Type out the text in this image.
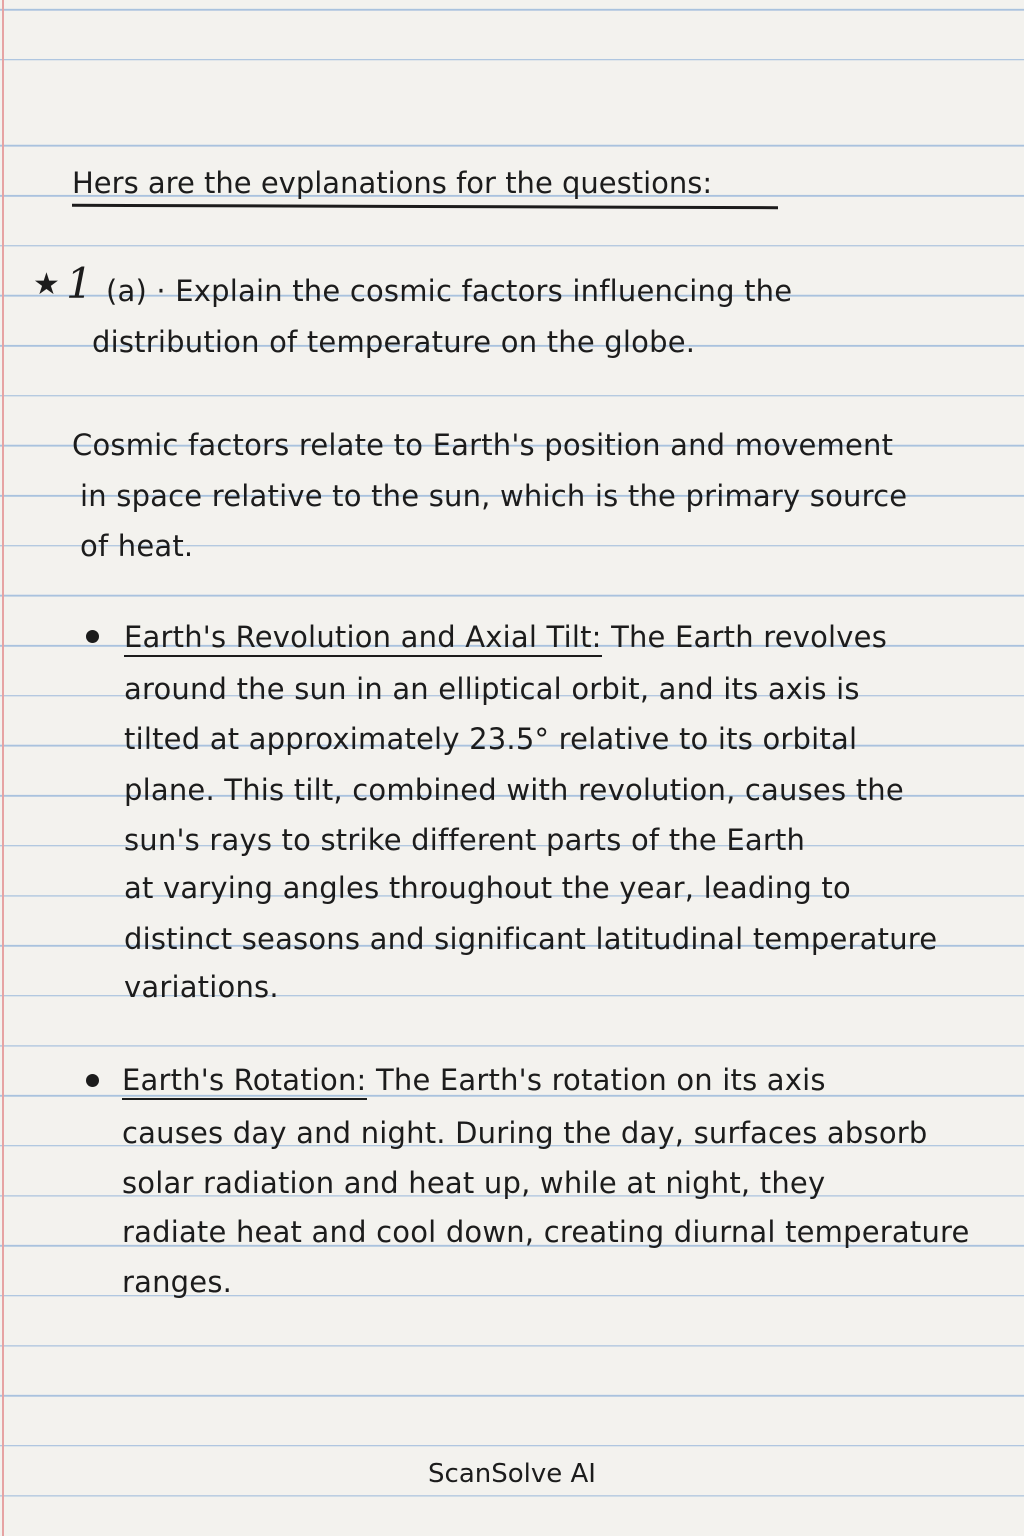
Hers are the evplanations for the questions:
★ 1 (a) · Explain the cosmic factors influencing the
distribution of temperature on the globe.
Cosmic factors relate to Earth's position and movement
in space relative to the sun, which is the primary source
of heat.
Earth's Revolution and Axial Tilt: The Earth revolves
around the sun in an elliptical orbit, and its axis is
tilted at approximately 23.5° relative to its orbital
plane. This tilt, combined with revolution, causes the
sun's rays to strike different parts of the Earth
at varying angles throughout the year, leading to
distinct seasons and significant latitudinal temperature
variations.
Earth's Rotation: The Earth's rotation on its axis
causes day and night. During the day, surfaces absorb
solar radiation and heat up, while at night, they
radiate heat and cool down, creating diurnal temperature
ranges.
ScanSolve AI
